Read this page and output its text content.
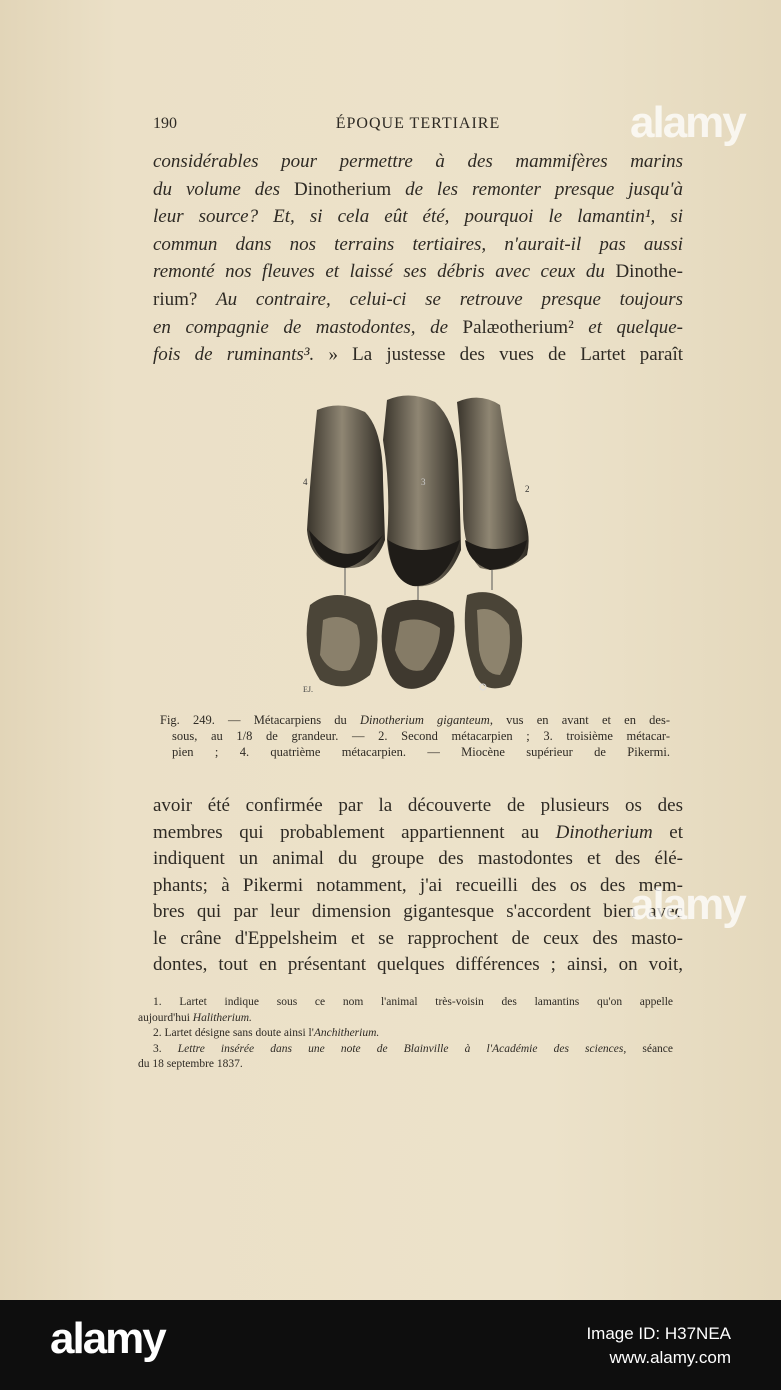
190	ÉPOQUE TERTIAIRE
considérables pour permettre à des mammifères marins
du volume des Dinotherium de les remonter presque jusqu'à
leur source? Et, si cela eût été, pourquoi le lamantin¹, si
commun dans nos terrains tertiaires, n'aurait-il pas aussi
remonté nos fleuves et laissé ses débris avec ceux du Dinothe-
rium? Au contraire, celui-ci se retrouve presque toujours
en compagnie de mastodontes, de Palæotherium² et quelque-
fois de ruminants³. » La justesse des vues de Lartet paraît
4	3
2
EJ.
Fig. 249. — Métacarpiens du Dinotherium giganteum, vus en avant et en des-
sous, au 1/8 de grandeur. — 2. Second métacarpien ; 3. troisième métacar-
pien ; 4. quatrième métacarpien. — Miocène supérieur de Pikermi.
avoir été confirmée par la découverte de plusieurs os des
membres qui probablement appartiennent au Dinotherium et
indiquent un animal du groupe des mastodontes et des élé-
phants; à Pikermi notamment, j'ai recueilli des os des mem-
bres qui par leur dimension gigantesque s'accordent bien avec
le crâne d'Eppelsheim et se rapprochent de ceux des masto-
dontes, tout en présentant quelques différences ; ainsi, on voit,
1. Lartet indique sous ce nom l'animal très-voisin des lamantins qu'on appelle
aujourd'hui Halitherium.
2. Lartet désigne sans doute ainsi l'Anchitherium.
3. Lettre insérée dans une note de Blainville à l'Académie des sciences, séance
du 18 septembre 1837.
alamy
alamy
alamy	Image ID: H37NEA
www.alamy.com
